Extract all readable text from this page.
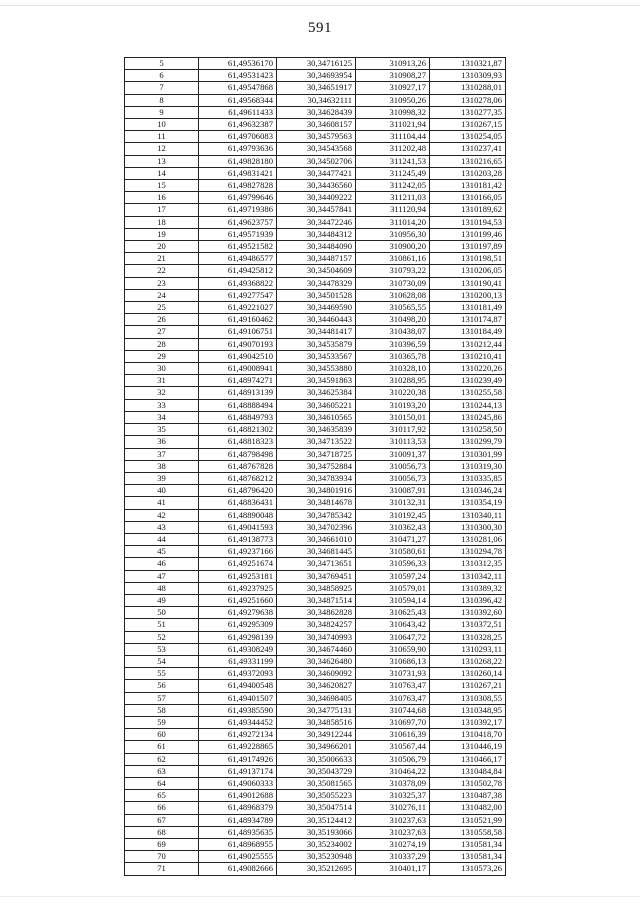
591
5	61,49536170	30,34716125	310913,26	1310321,87
6	61,49531423	30,34693954	310908,27	1310309,93
7	61,49547868	30,34651917	310927,17	1310288,01
8	61,49568344	30,34632111	310950,26	1310278,06
9	61,49611433	30,34628439	310998,32	1310277,35
10	61,49632387	30,34608157	311021,94	1310267,15
11	61,49706083	30,34579563	311104,44	1310254,05
12	61,49793636	30,34543568	311202,48	1310237,41
13	61,49828180	30,34502706	311241,53	1310216,65
14	61,49831421	30,34477421	311245,49	1310203,28
15	61,49827828	30,34436560	311242,05	1310181,42
16	61,49799646	30,34409222	311211,03	1310166,05
17	61,49719386	30,34457841	311120,94	1310189,62
18	61,49623757	30,34472246	311014,20	1310194,53
19	61,49571939	30,34484312	310956,30	1310199,46
20	61,49521582	30,34484090	310900,20	1310197,89
21	61,49486577	30,34487157	310861,16	1310198,51
22	61,49425812	30,34504609	310793,22	1310206,05
23	61,49368822	30,34478329	310730,09	1310190,41
24	61,49277547	30,34501528	310628,08	1310200,13
25	61,49221027	30,34469590	310565,55	1310181,49
26	61,49160462	30,34460443	310498,20	1310174,87
27	61,49106751	30,34481417	310438,07	1310184,49
28	61,49070193	30,34535879	310396,59	1310212,44
29	61,49042510	30,34533567	310365,78	1310210,41
30	61,49008941	30,34553880	310328,10	1310220,26
31	61,48974271	30,34591863	310288,95	1310239,49
32	61,48913139	30,34625384	310220,38	1310255,58
33	61,48888494	30,34605221	310193,20	1310244,13
34	61,48849793	30,34610565	310150,01	1310245,86
35	61,48821302	30,34635839	310117,92	1310258,50
36	61,48818323	30,34713522	310113,53	1310299,79
37	61,48798498	30,34718725	310091,37	1310301,99
38	61,48767828	30,34752884	310056,73	1310319,30
39	61,48768212	30,34783934	310056,73	1310335,85
40	61,48796420	30,34801916	310087,91	1310346,24
41	61,48836431	30,34814678	310132,31	1310354,19
42	61,48890048	30,34785342	310192,45	1310340,11
43	61,49041593	30,34702396	310362,43	1310300,30
44	61,49138773	30,34661010	310471,27	1310281,06
45	61,49237166	30,34681445	310580,61	1310294,78
46	61,49251674	30,34713651	310596,33	1310312,35
47	61,49253181	30,34769451	310597,24	1310342,11
48	61,49237925	30,34858925	310579,01	1310389,32
49	61,49251660	30,34871514	310594,14	1310396,42
50	61,49279638	30,34862828	310625,43	1310392,60
51	61,49295309	30,34824257	310643,42	1310372,51
52	61,49298139	30,34740993	310647,72	1310328,25
53	61,49308249	30,34674460	310659,90	1310293,11
54	61,49331199	30,34626480	310686,13	1310268,22
55	61,49372093	30,34609092	310731,93	1310260,14
56	61,49400548	30,34620827	310763,47	1310267,21
57	61,49401507	30,34698405	310763,47	1310308,55
58	61,49385590	30,34775131	310744,68	1310348,95
59	61,49344452	30,34858516	310697,70	1310392,17
60	61,49272134	30,34912244	310616,39	1310418,70
61	61,49228865	30,34966201	310567,44	1310446,19
62	61,49174926	30,35006633	310506,79	1310466,17
63	61,49137174	30,35043729	310464,22	1310484,84
64	61,49060333	30,35081565	310378,09	1310502,78
65	61,49012688	30,35055223	310325,37	1310487,38
66	61,48968379	30,35047514	310276,11	1310482,00
67	61,48934789	30,35124412	310237,63	1310521,99
68	61,48935635	30,35193066	310237,63	1310558,58
69	61,48968955	30,35234002	310274,19	1310581,34
70	61,49025555	30,35230948	310337,29	1310581,34
71	61,49082666	30,35212695	310401,17	1310573,26
